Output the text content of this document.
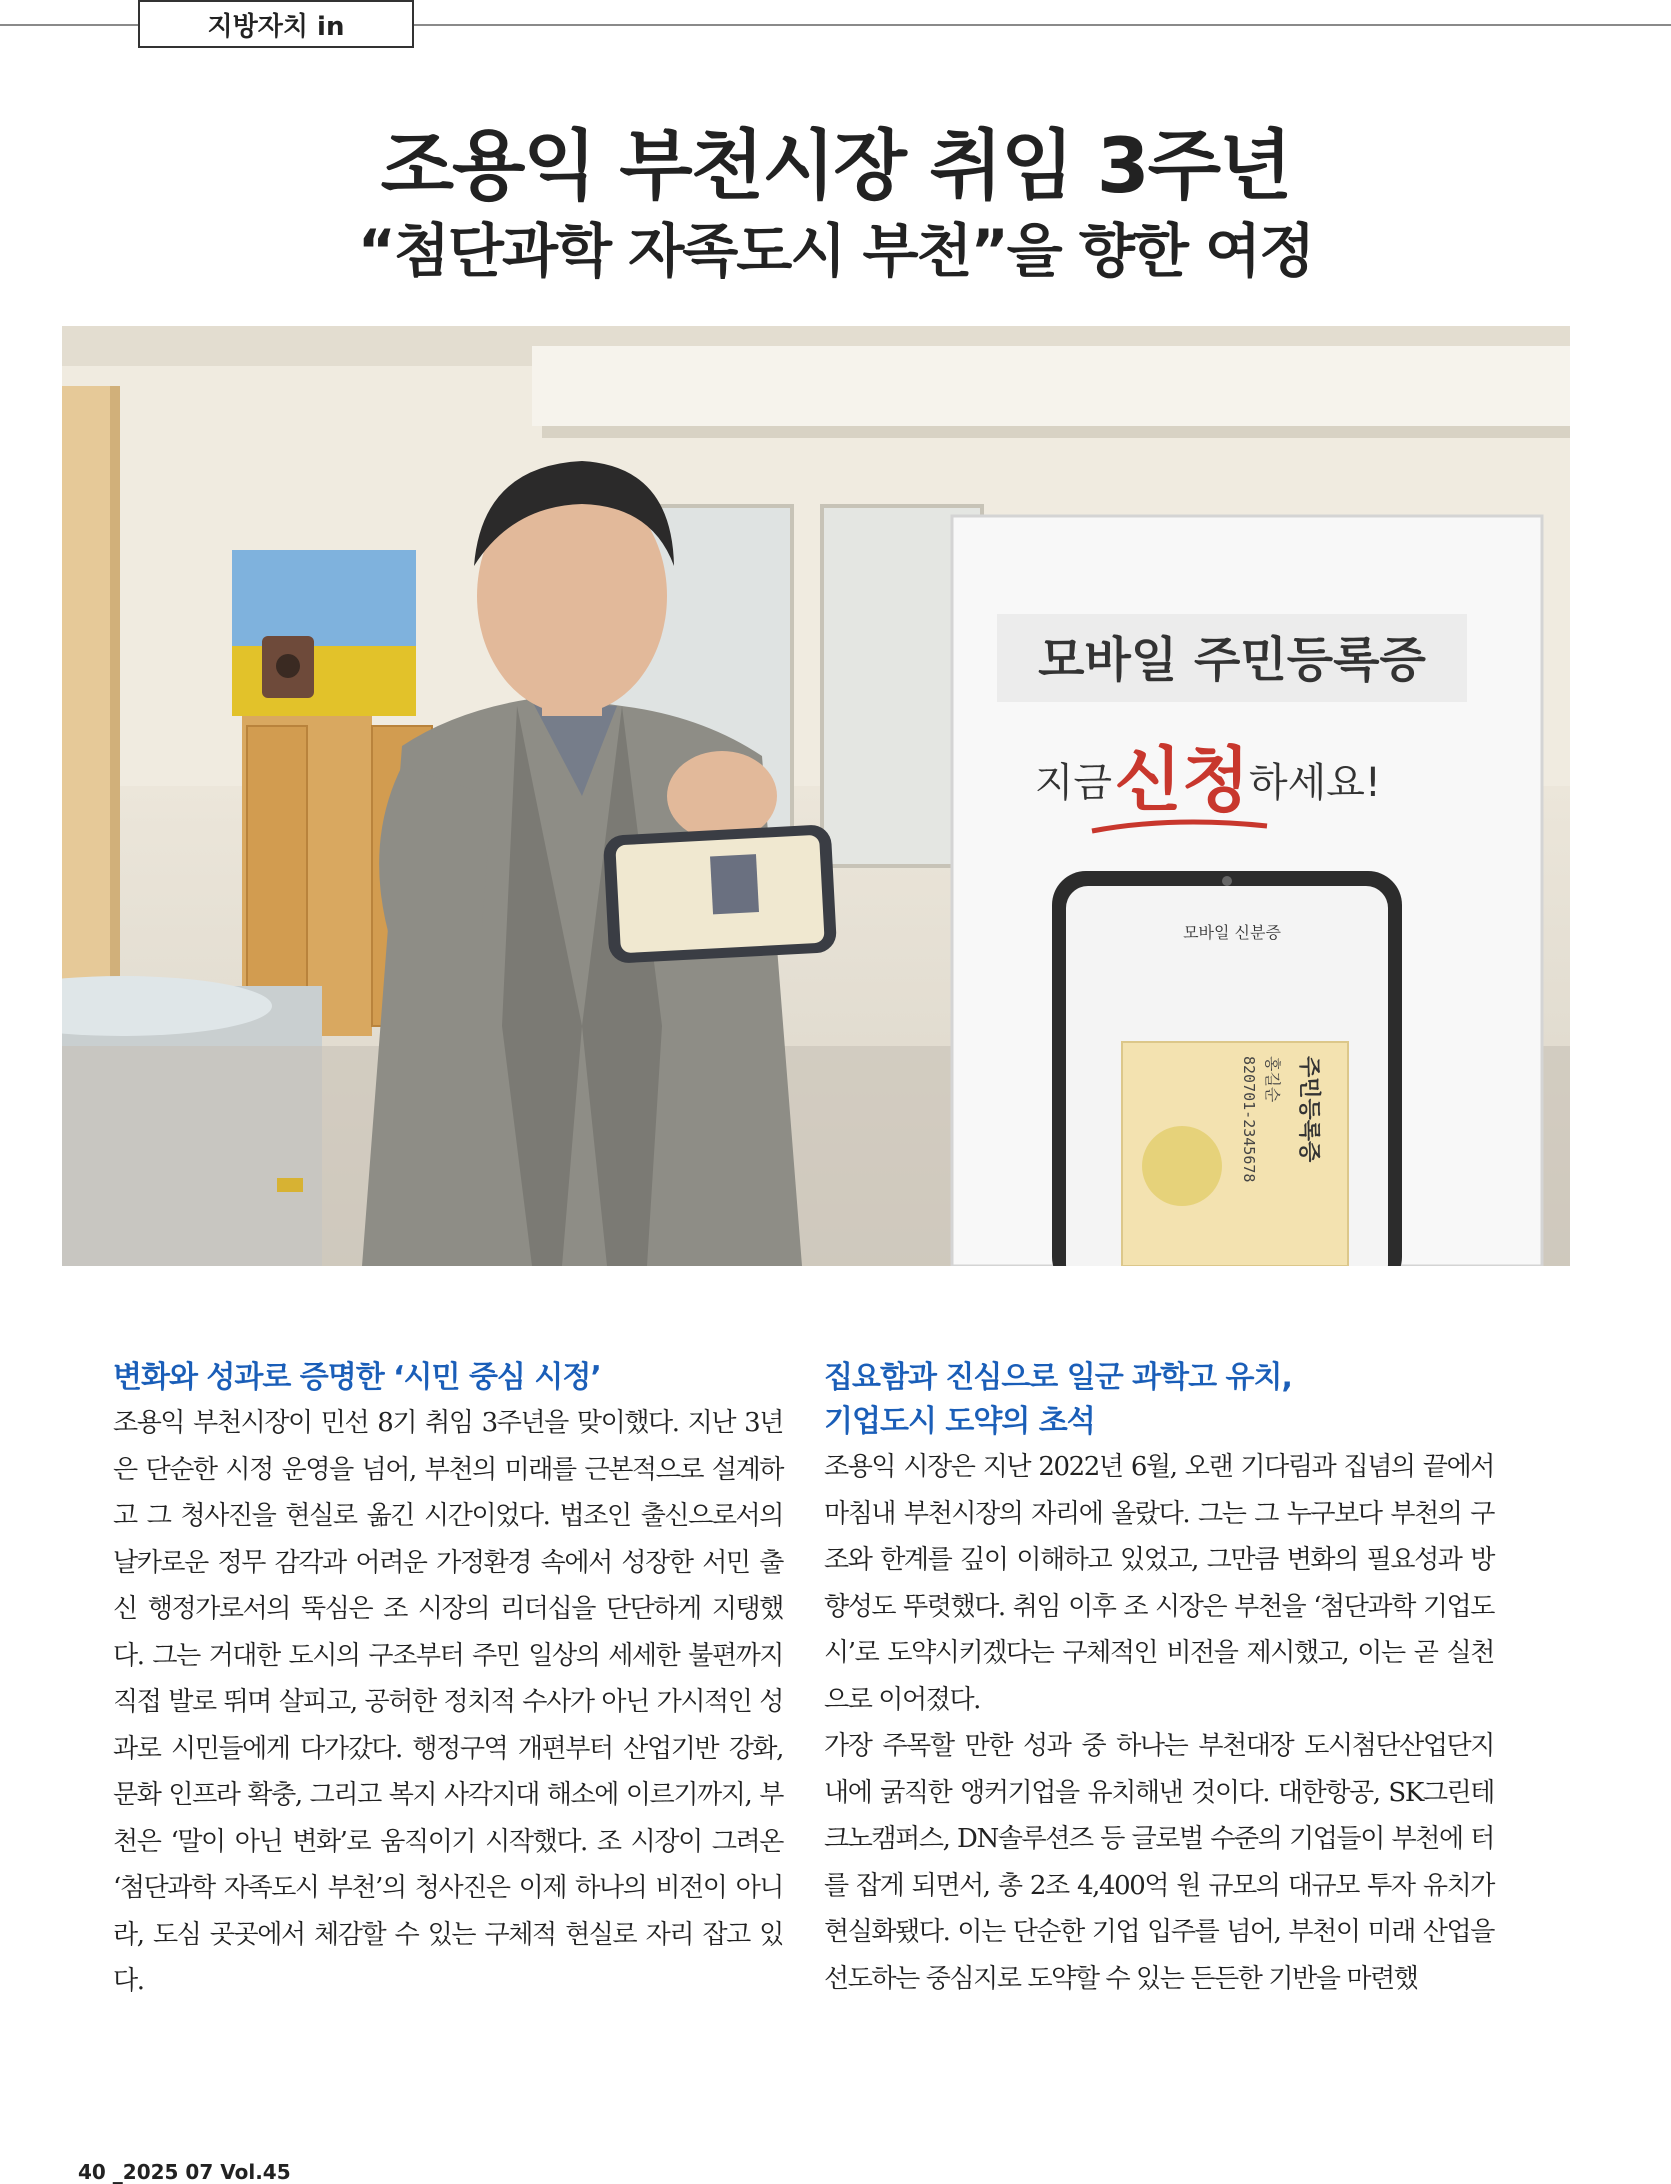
지방자치 in
조용익 부천시장 취임 3주년
“첨단과학 자족도시 부천”을 향한 여정
모바일 주민등록증
지금 신청 하세요!
모바일 신분증
주민등록증
홍길순
820701-2345678

변화와 성과로 증명한 ‘시민 중심 시정’

조용익 부천시장이 민선 8기 취임 3주년을 맞이했다. 지난 3년은 단순한 시정 운영을 넘어, 부천의 미래를 근본적으로 설계하고 그 청사진을 현실로 옮긴 시간이었다. 법조인 출신으로서의 날카로운 정무 감각과 어려운 가정환경 속에서 성장한 서민 출신 행정가로서의 뚝심은 조 시장의 리더십을 단단하게 지탱했다. 그는 거대한 도시의 구조부터 주민 일상의 세세한 불편까지 직접 발로 뛰며 살피고, 공허한 정치적 수사가 아닌 가시적인 성과로 시민들에게 다가갔다. 행정구역 개편부터 산업기반 강화, 문화 인프라 확충, 그리고 복지 사각지대 해소에 이르기까지, 부천은 ‘말이 아닌 변화’로 움직이기 시작했다. 조 시장이 그려온 ‘첨단과학 자족도시 부천’의 청사진은 이제 하나의 비전이 아니라, 도심 곳곳에서 체감할 수 있는 구체적 현실로 자리 잡고 있다.

집요함과 진심으로 일군 과학고 유치,

기업도시 도약의 초석

조용익 시장은 지난 2022년 6월, 오랜 기다림과 집념의 끝에서 마침내 부천시장의 자리에 올랐다. 그는 그 누구보다 부천의 구조와 한계를 깊이 이해하고 있었고, 그만큼 변화의 필요성과 방향성도 뚜렷했다. 취임 이후 조 시장은 부천을 ‘첨단과학 기업도시’로 도약시키겠다는 구체적인 비전을 제시했고, 이는 곧 실천으로 이어졌다.

가장 주목할 만한 성과 중 하나는 부천대장 도시첨단산업단지 내에 굵직한 앵커기업을 유치해낸 것이다. 대한항공, SK그린테크노캠퍼스, DN솔루션즈 등 글로벌 수준의 기업들이 부천에 터를 잡게 되면서, 총 2조 4,400억 원 규모의 대규모 투자 유치가 현실화됐다. 이는 단순한 기업 입주를 넘어, 부천이 미래 산업을 선도하는 중심지로 도약할 수 있는 든든한 기반을 마련했

40 _2025 07 Vol.45
